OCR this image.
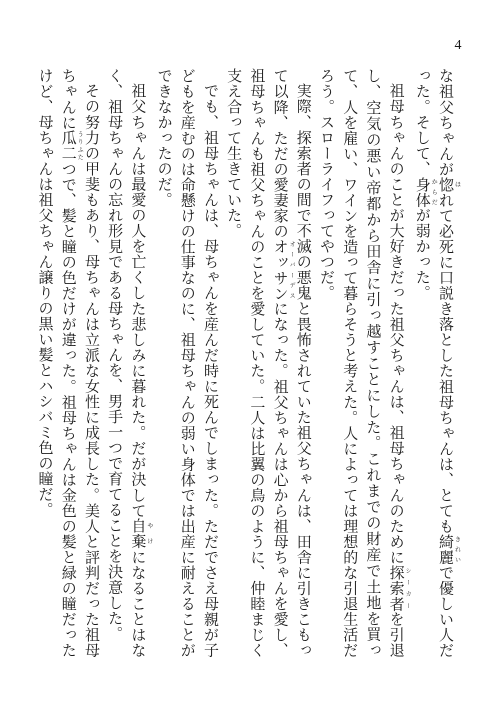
4

な祖父ちゃんが惚ほれて必死に口説き落とした祖母ちゃんは、とても綺麗きれいで優しい人だった。そして、身体からだが弱かった。

祖母ちゃんのことが大好きだった祖父ちゃんは、祖母ちゃんのために探索者シーカーを引退し、空気の悪い帝都から田舎に引っ越すことにした。これまでの財産で土地を買って、人を雇い、ワインを造って暮らそうと考えた。人によっては理想的な引退生活だろう。スローライフってやつだ。

実際、探索者の間で不滅の悪鬼と畏怖されていた祖父ちゃんは、田舎に引きこもって以降、ただの愛妻家のオッサンオーバーデスになった。祖父ちゃんは心から祖母ちゃんを愛し、祖母ちゃんも祖父ちゃんのことを愛していた。二人は比翼の鳥のように、仲睦まじく支え合って生きていた。

でも、祖母ちゃんは、母ちゃんを産んだ時に死んでしまった。ただでさえ母親が子どもを産むのは命懸けの仕事なのに、祖母ちゃんの弱い身体では出産に耐えることができなかったのだ。

祖父ちゃんは最愛の人を亡くした悲しみに暮れた。だが決して自棄やけになることはなく、祖母ちゃんの忘れ形見である母ちゃんを、男手一つで育てることを決意した。

その努力の甲斐もあり、母ちゃんは立派な女性に成長した。美人と評判だった祖母ちゃんに瓜二うりふたつで、髪と瞳の色だけが違った。祖母ちゃんは金色の髪と緑の瞳だったけど、母ちゃんは祖父ちゃん譲りの黒い髪とハシバミ色の瞳だ。
